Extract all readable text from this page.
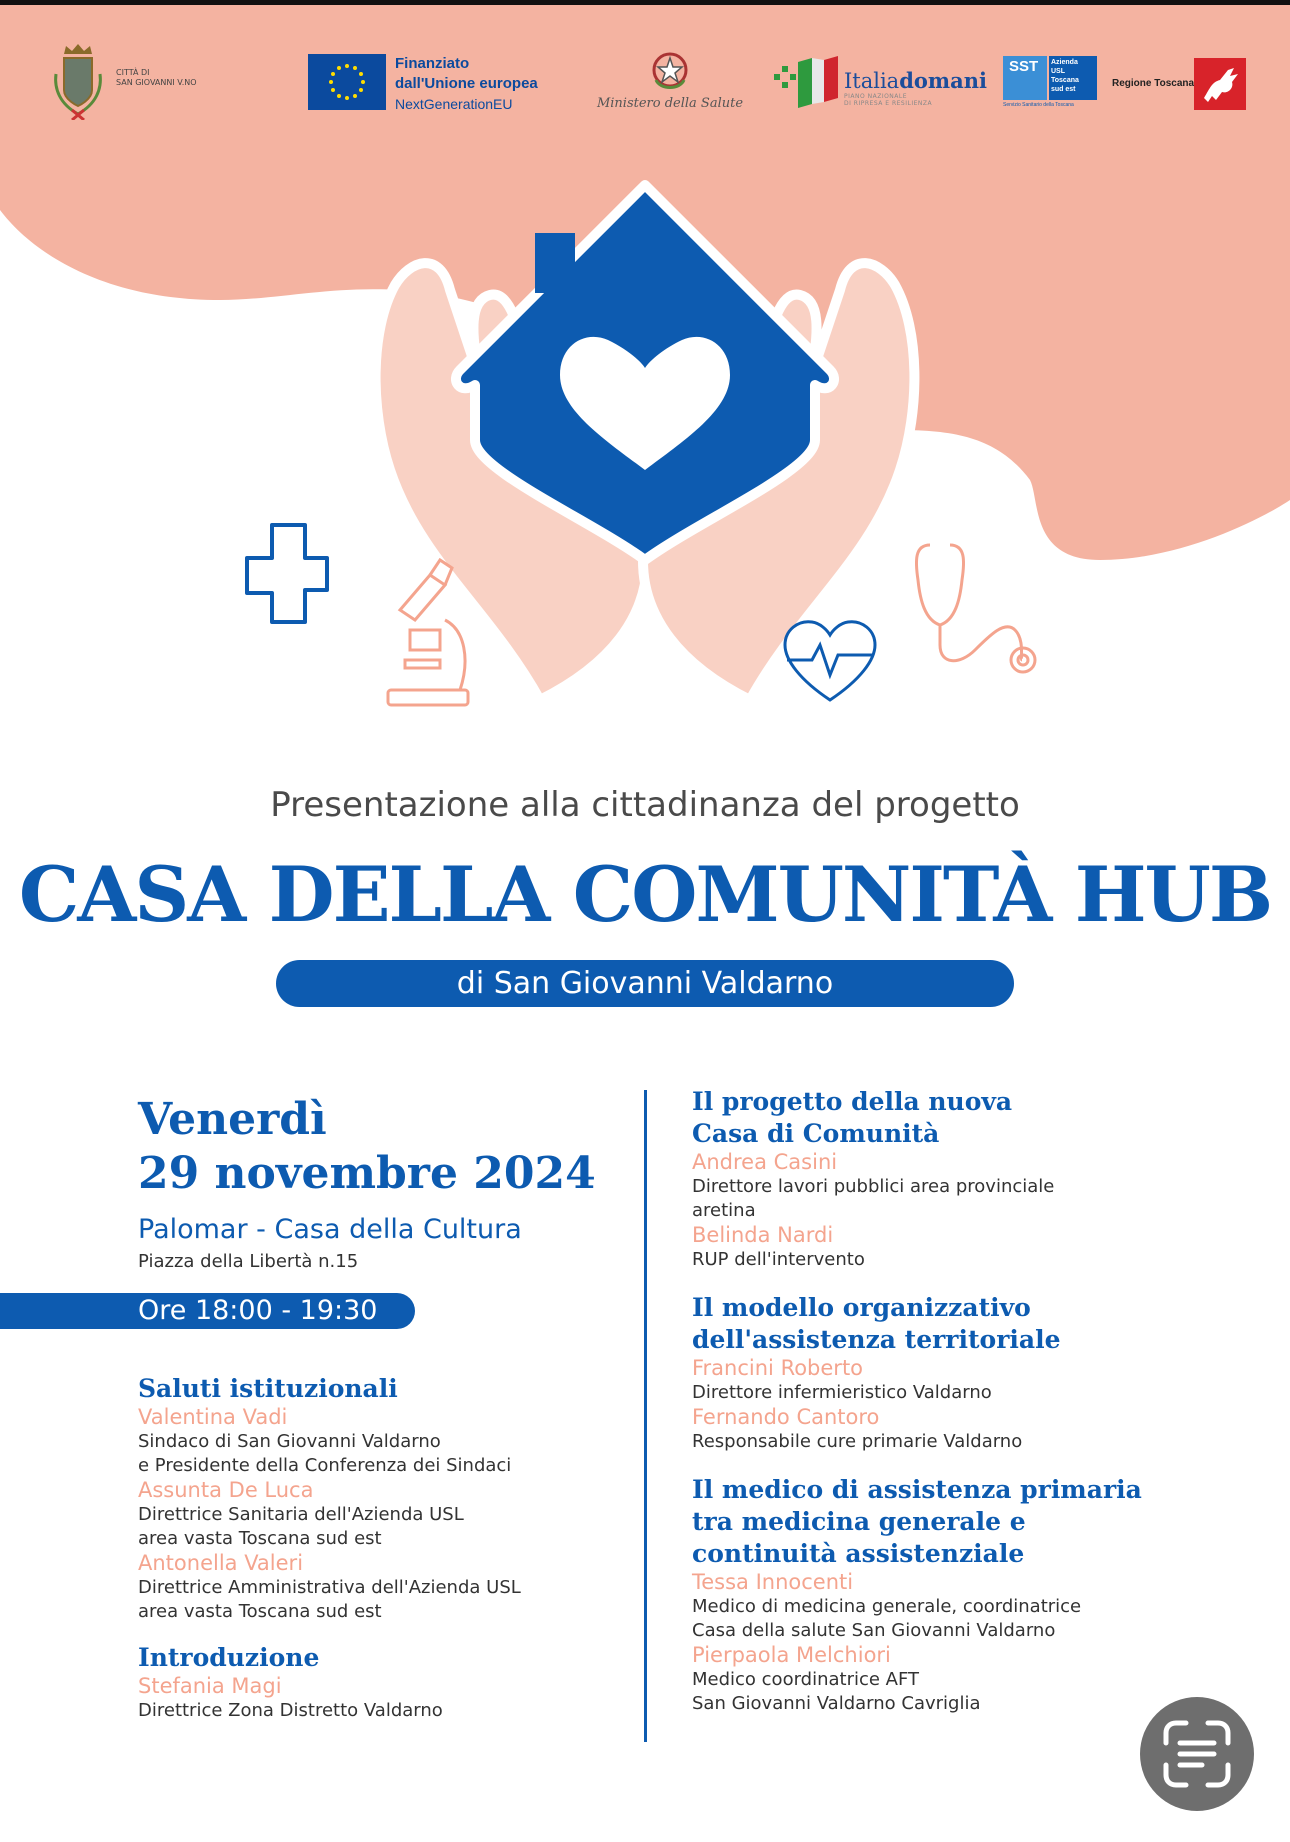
CITTÀ DI
SAN GIOVANNI V.NO
Finanziato
dall'Unione europea
NextGenerationEU	Ministero della Salute
Italiadomani
PIANO NAZIONALE
DI RIPRESA E RESILIENZA
SST Azienda
USL
Toscana
sud est
Servizio Sanitario della Toscana
Regione Toscana
Presentazione alla cittadinanza del progetto
CASA DELLA COMUNITÀ HUB
di San Giovanni Valdarno
Venerdì
29 novembre 2024
Palomar - Casa della Cultura
Piazza della Libertà n.15
Ore 18:00 - 19:30
Saluti istituzionali
Valentina Vadi
Sindaco di San Giovanni Valdarno
e Presidente della Conferenza dei Sindaci
Assunta De Luca
Direttrice Sanitaria dell'Azienda USL
area vasta Toscana sud est
Antonella Valeri
Direttrice Amministrativa dell'Azienda USL
area vasta Toscana sud est
Introduzione
Stefania Magi
Direttrice Zona Distretto Valdarno
Il progetto della nuova
Casa di Comunità
Andrea Casini
Direttore lavori pubblici area provinciale
aretina
Belinda Nardi
RUP dell'intervento
Il modello organizzativo
dell'assistenza territoriale
Francini Roberto
Direttore infermieristico Valdarno
Fernando Cantoro
Responsabile cure primarie Valdarno
Il medico di assistenza primaria
tra medicina generale e
continuità assistenziale
Tessa Innocenti
Medico di medicina generale, coordinatrice
Casa della salute San Giovanni Valdarno
Pierpaola Melchiori
Medico coordinatrice AFT
San Giovanni Valdarno Cavriglia
